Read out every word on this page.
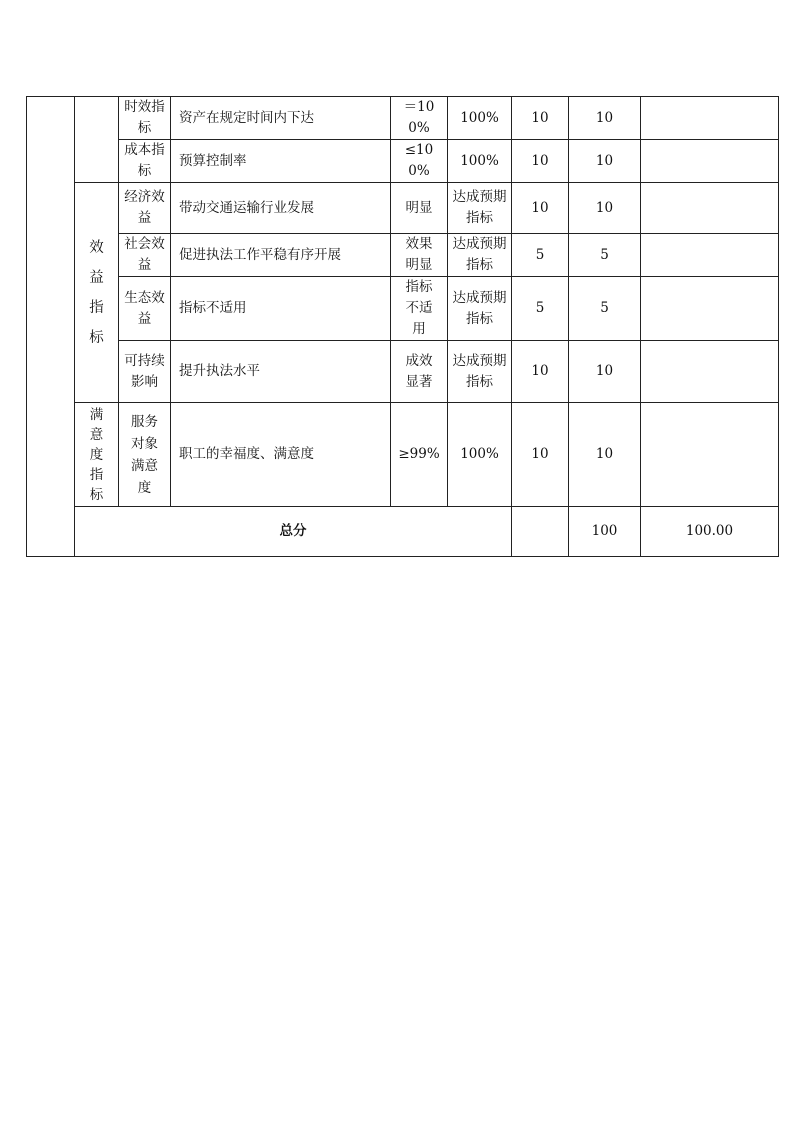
		时效指标	资产在规定时间内下达	＝100%	100%	10	10		

		成本指标	预算控制率	≤100%	100%	10	10		

	效益指标	经济效益	带动交通运输行业发展	明显	达成预期指标	10	10		

		社会效益	促进执法工作平稳有序开展	效果明显	达成预期指标	5	5		

		生态效益	指标不适用	指标不适用	达成预期指标	5	5		

		可持续影响	提升执法水平	成效显著	达成预期指标	10	10		

	满意度指标	服务对象满意度	职工的幸福度、满意度	≥99%	100%	10	10		
	总分						100	100.00	
